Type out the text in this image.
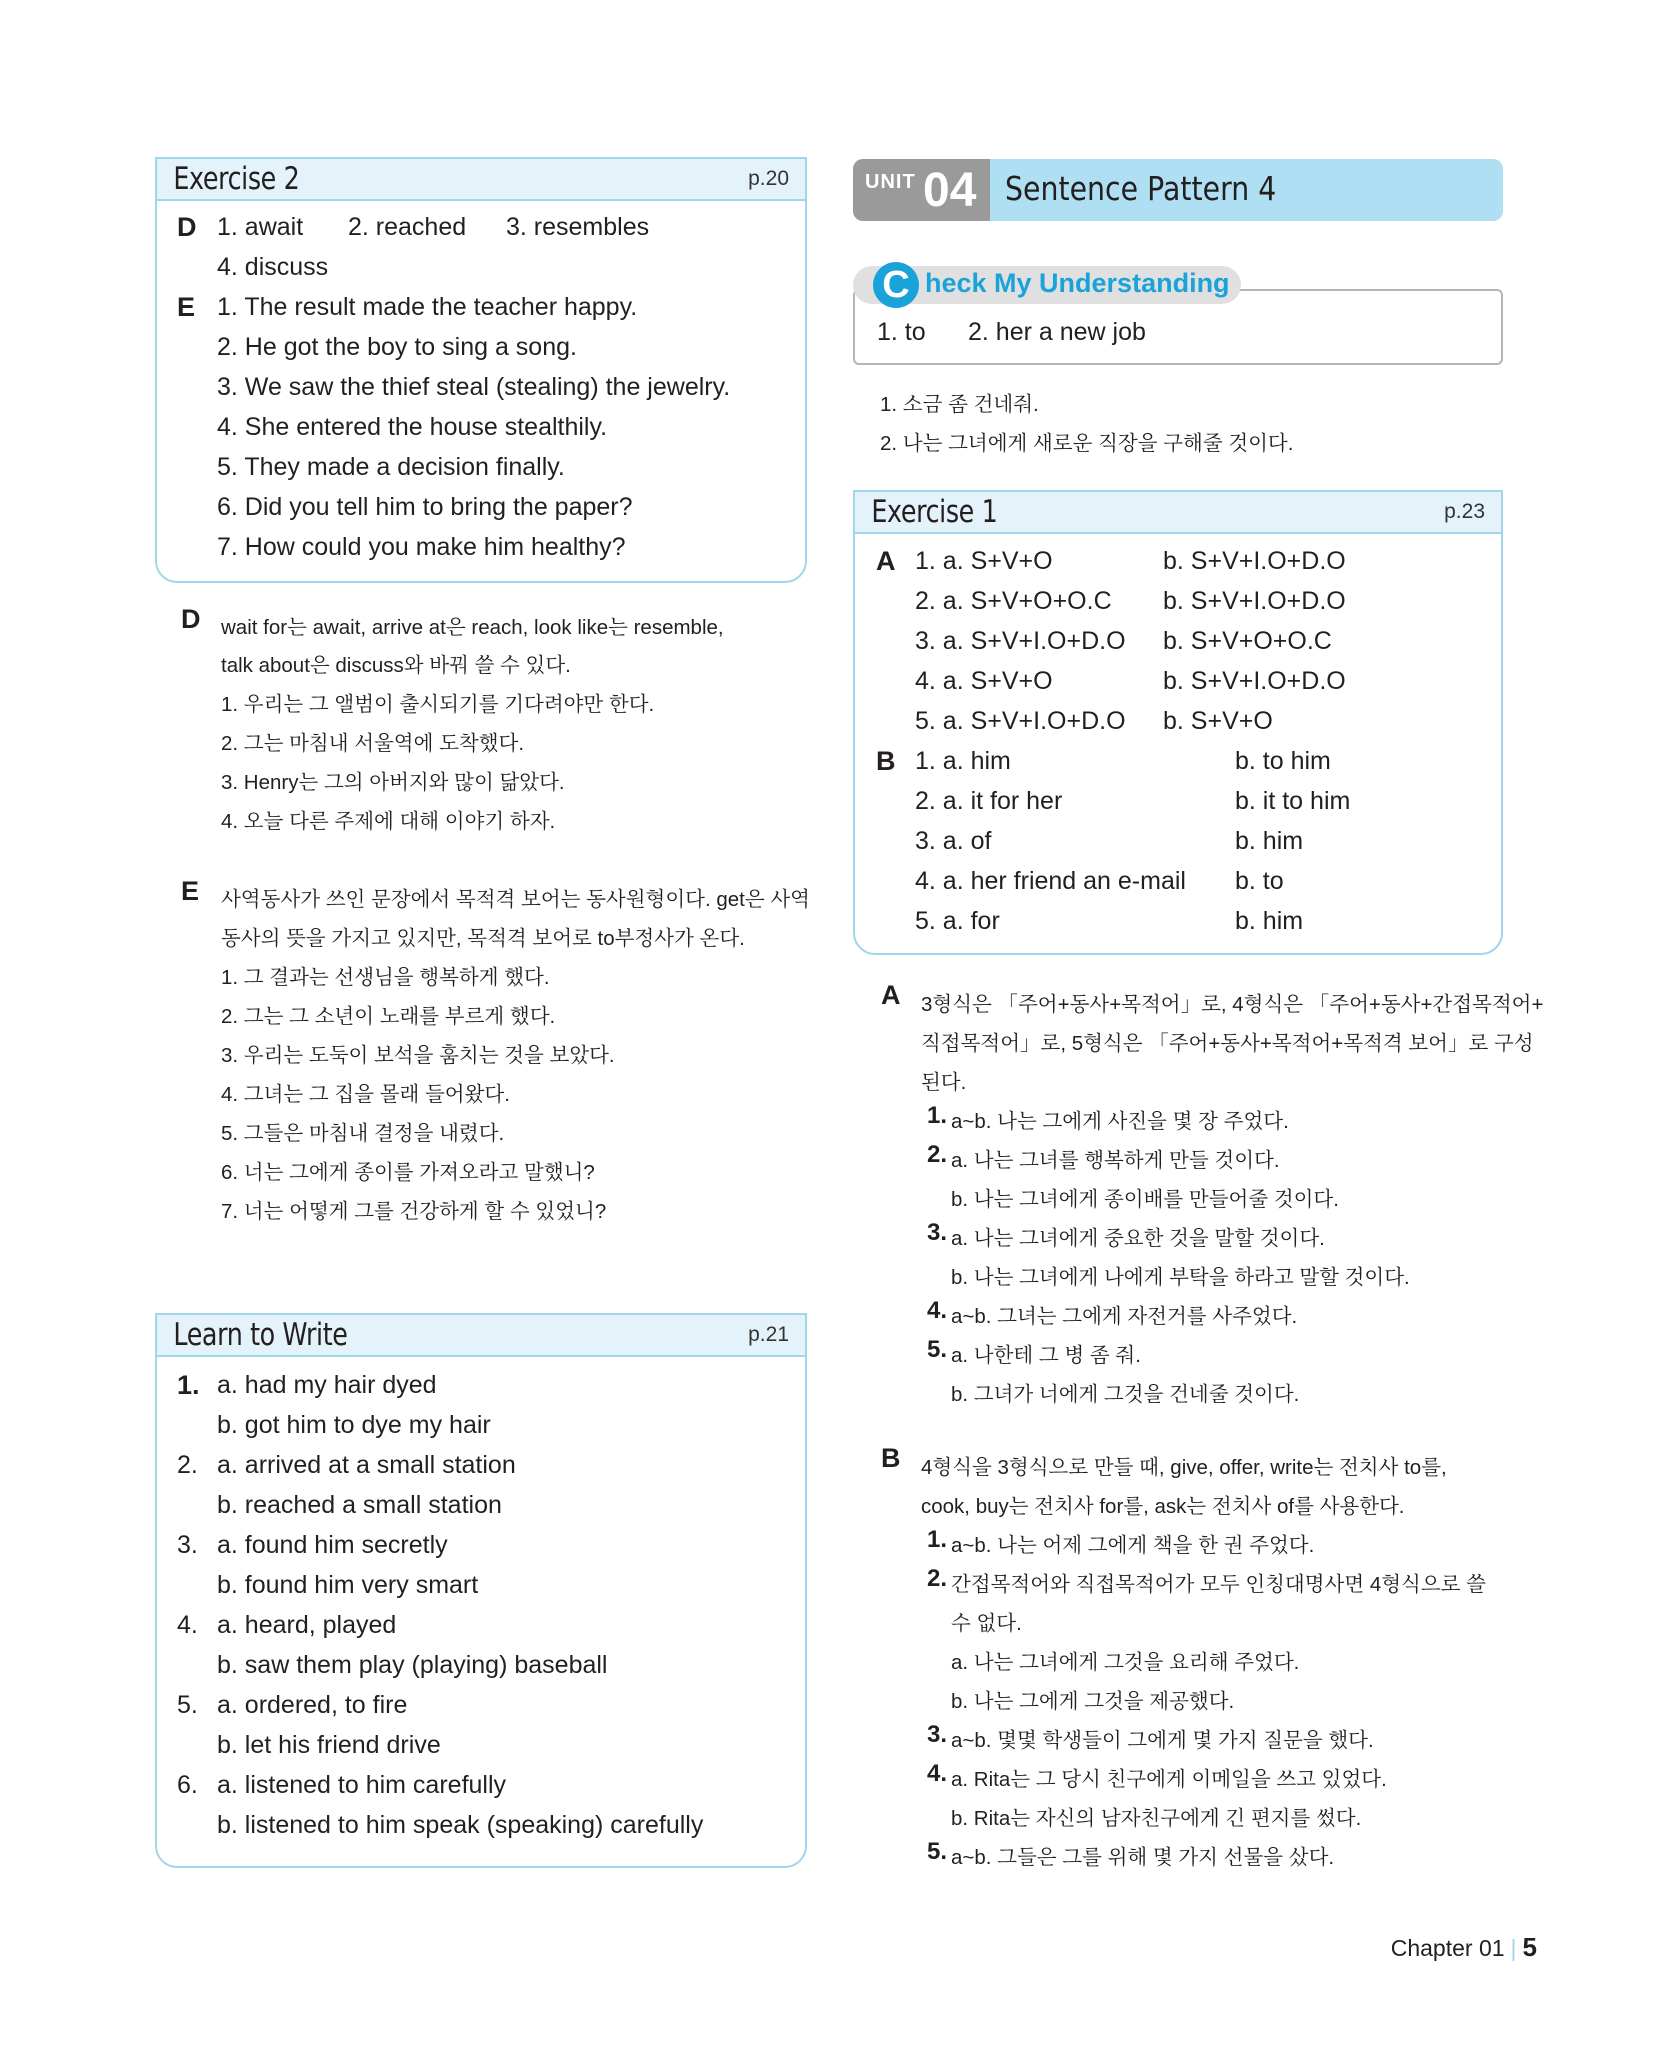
Exercise 2	p.20
D 1. await 2. reached 3. resembles
4. discuss
E 1. The result made the teacher happy.
2. He got the boy to sing a song.
3. We saw the thief steal (stealing) the jewelry.
4. She entered the house stealthily.
5. They made a decision finally.
6. Did you tell him to bring the paper?
7. How could you make him healthy?
D wait for는 await, arrive at은 reach, look like는 resemble,
talk about은 discuss와 바꿔 쓸 수 있다.
1. 우리는 그 앨범이 출시되기를 기다려야만 한다.
2. 그는 마침내 서울역에 도착했다.
3. Henry는 그의 아버지와 많이 닮았다.
4. 오늘 다른 주제에 대해 이야기 하자.
E 사역동사가 쓰인 문장에서 목적격 보어는 동사원형이다. get은 사역
동사의 뜻을 가지고 있지만, 목적격 보어로 to부정사가 온다.
1. 그 결과는 선생님을 행복하게 했다.
2. 그는 그 소년이 노래를 부르게 했다.
3. 우리는 도둑이 보석을 훔치는 것을 보았다.
4. 그녀는 그 집을 몰래 들어왔다.
5. 그들은 마침내 결정을 내렸다.
6. 너는 그에게 종이를 가져오라고 말했니?
7. 너는 어떻게 그를 건강하게 할 수 있었니?
Learn to Write	p.21
1. a. had my hair dyed
b. got him to dye my hair
2. a. arrived at a small station
b. reached a small station
3. a. found him secretly
b. found him very smart
4. a. heard, played
b. saw them play (playing) baseball
5. a. ordered, to fire
b. let his friend drive
6. a. listened to him carefully
b. listened to him speak (speaking) carefully
UNIT 04 Sentence Pattern 4
C heck My Understanding
1. to 2. her a new job
1. 소금 좀 건네줘.
2. 나는 그녀에게 새로운 직장을 구해줄 것이다.
Exercise 1	p.23
A 1. a. S+V+O	b. S+V+I.O+D.O
2. a. S+V+O+O.C b. S+V+I.O+D.O
3. a. S+V+I.O+D.O b. S+V+O+O.C
4. a. S+V+O	b. S+V+I.O+D.O
5. a. S+V+I.O+D.O b. S+V+O
B 1. a. him	b. to him
2. a. it for her	b. it to him
3. a. of	b. him
4. a. her friend an e-mail b. to
5. a. for	b. him
A 3형식은 「주어+동사+목적어」로, 4형식은 「주어+동사+간접목적어+
직접목적어」로, 5형식은 「주어+동사+목적어+목적격 보어」로 구성
된다.
1. a~b. 나는 그에게 사진을 몇 장 주었다.
2. a. 나는 그녀를 행복하게 만들 것이다.
b. 나는 그녀에게 종이배를 만들어줄 것이다.
3. a. 나는 그녀에게 중요한 것을 말할 것이다.
b. 나는 그녀에게 나에게 부탁을 하라고 말할 것이다.
4. a~b. 그녀는 그에게 자전거를 사주었다.
5. a. 나한테 그 병 좀 줘.
b. 그녀가 너에게 그것을 건네줄 것이다.
B 4형식을 3형식으로 만들 때, give, offer, write는 전치사 to를,
cook, buy는 전치사 for를, ask는 전치사 of를 사용한다.
1. a~b. 나는 어제 그에게 책을 한 권 주었다.
2. 간접목적어와 직접목적어가 모두 인칭대명사면 4형식으로 쓸
수 없다.
a. 나는 그녀에게 그것을 요리해 주었다.
b. 나는 그에게 그것을 제공했다.
3. a~b. 몇몇 학생들이 그에게 몇 가지 질문을 했다.
4. a. Rita는 그 당시 친구에게 이메일을 쓰고 있었다.
b. Rita는 자신의 남자친구에게 긴 편지를 썼다.
5. a~b. 그들은 그를 위해 몇 가지 선물을 샀다.
Chapter 01 | 5
